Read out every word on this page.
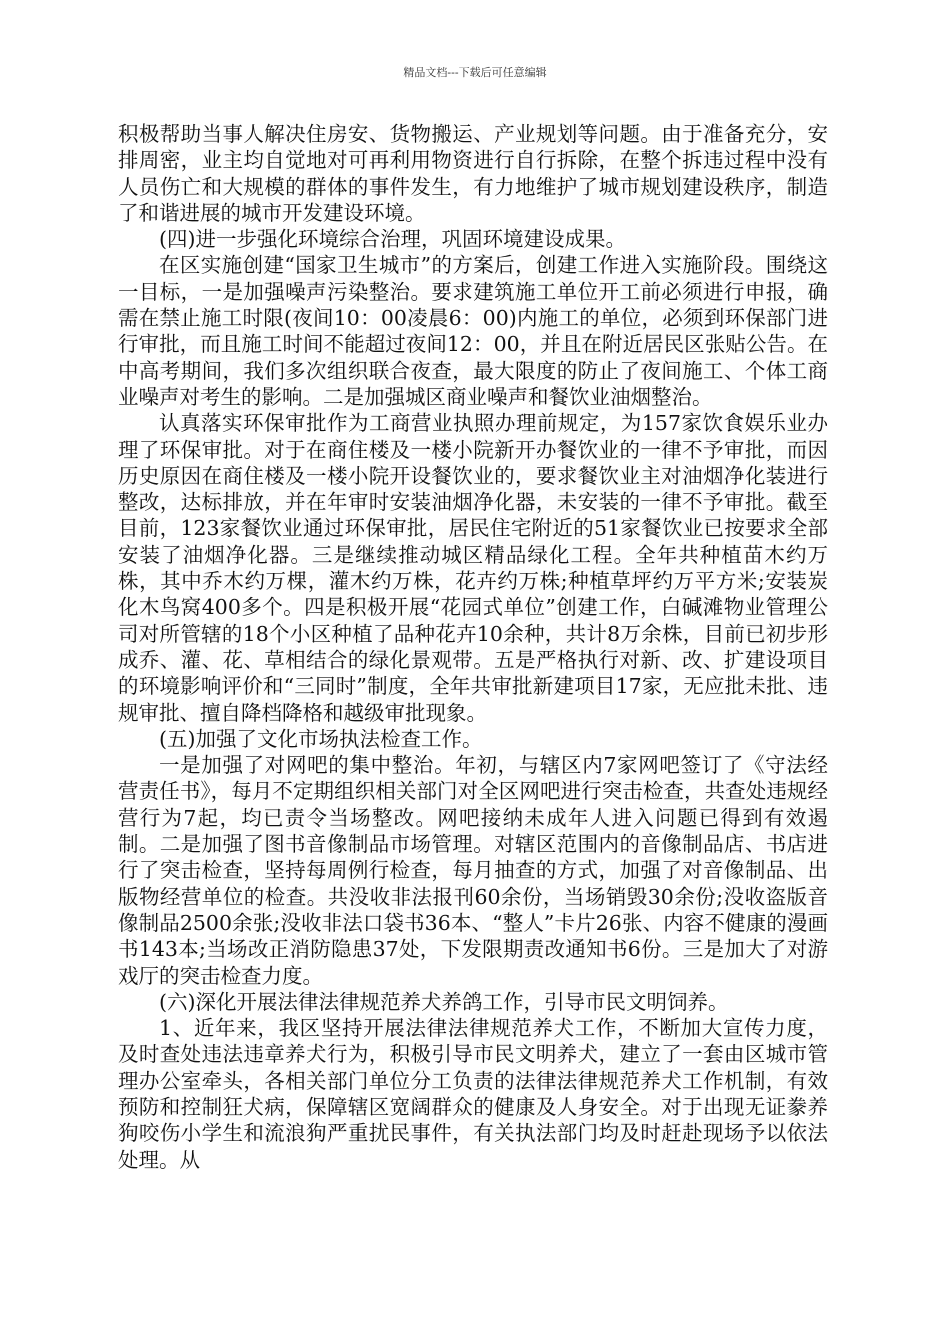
精品文档---下载后可任意编辑

积极帮助当事人解决住房安、货物搬运、产业规划等问题。由于准备充分，安排周密，业主均自觉地对可再利用物资进行自行拆除，在整个拆违过程中没有人员伤亡和大规模的群体的事件发生，有力地维护了城市规划建设秩序，制造了和谐进展的城市开发建设环境。

(四)进一步强化环境综合治理，巩固环境建设成果。

在区实施创建“国家卫生城市”的方案后，创建工作进入实施阶段。围绕这一目标，一是加强噪声污染整治。要求建筑施工单位开工前必须进行申报，确需在禁止施工时限(夜间10：00凌晨6：00)内施工的单位，必须到环保部门进行审批，而且施工时间不能超过夜间12：00，并且在附近居民区张贴公告。在中高考期间，我们多次组织联合夜查，最大限度的防止了夜间施工、个体工商业噪声对考生的影响。二是加强城区商业噪声和餐饮业油烟整治。

认真落实环保审批作为工商营业执照办理前规定，为157家饮食娱乐业办理了环保审批。对于在商住楼及一楼小院新开办餐饮业的一律不予审批，而因历史原因在商住楼及一楼小院开设餐饮业的，要求餐饮业主对油烟净化装进行整改，达标排放，并在年审时安装油烟净化器，未安装的一律不予审批。截至目前，123家餐饮业通过环保审批，居民住宅附近的51家餐饮业已按要求全部安装了油烟净化器。三是继续推动城区精品绿化工程。全年共种植苗木约万株，其中乔木约万棵，灌木约万株，花卉约万株;种植草坪约万平方米;安装炭化木鸟窝400多个。四是积极开展“花园式单位”创建工作，白碱滩物业管理公司对所管辖的18个小区种植了品种花卉10余种，共计8万余株，目前已初步形成乔、灌、花、草相结合的绿化景观带。五是严格执行对新、改、扩建设项目的环境影响评价和“三同时”制度，全年共审批新建项目17家，无应批未批、违规审批、擅自降档降格和越级审批现象。

(五)加强了文化市场执法检查工作。

一是加强了对网吧的集中整治。年初，与辖区内7家网吧签订了《守法经营责任书》，每月不定期组织相关部门对全区网吧进行突击检查，共查处违规经营行为7起，均已责令当场整改。网吧接纳未成年人进入问题已得到有效遏制。二是加强了图书音像制品市场管理。对辖区范围内的音像制品店、书店进行了突击检查，坚持每周例行检查，每月抽查的方式，加强了对音像制品、出版物经营单位的检查。共没收非法报刊60余份，当场销毁30余份;没收盗版音像制品2500余张;没收非法口袋书36本、“整人”卡片26张、内容不健康的漫画书143本;当场改正消防隐患37处，下发限期责改通知书6份。三是加大了对游戏厅的突击检查力度。

(六)深化开展法律法律规范养犬养鸽工作，引导市民文明饲养。

1、近年来，我区坚持开展法律法律规范养犬工作，不断加大宣传力度，及时查处违法违章养犬行为，积极引导市民文明养犬，建立了一套由区城市管理办公室牵头，各相关部门单位分工负责的法律法律规范养犬工作机制，有效预防和控制狂犬病，保障辖区宽阔群众的健康及人身安全。对于出现无证豢养狗咬伤小学生和流浪狗严重扰民事件，有关执法部门均及时赶赴现场予以依法处理。从
